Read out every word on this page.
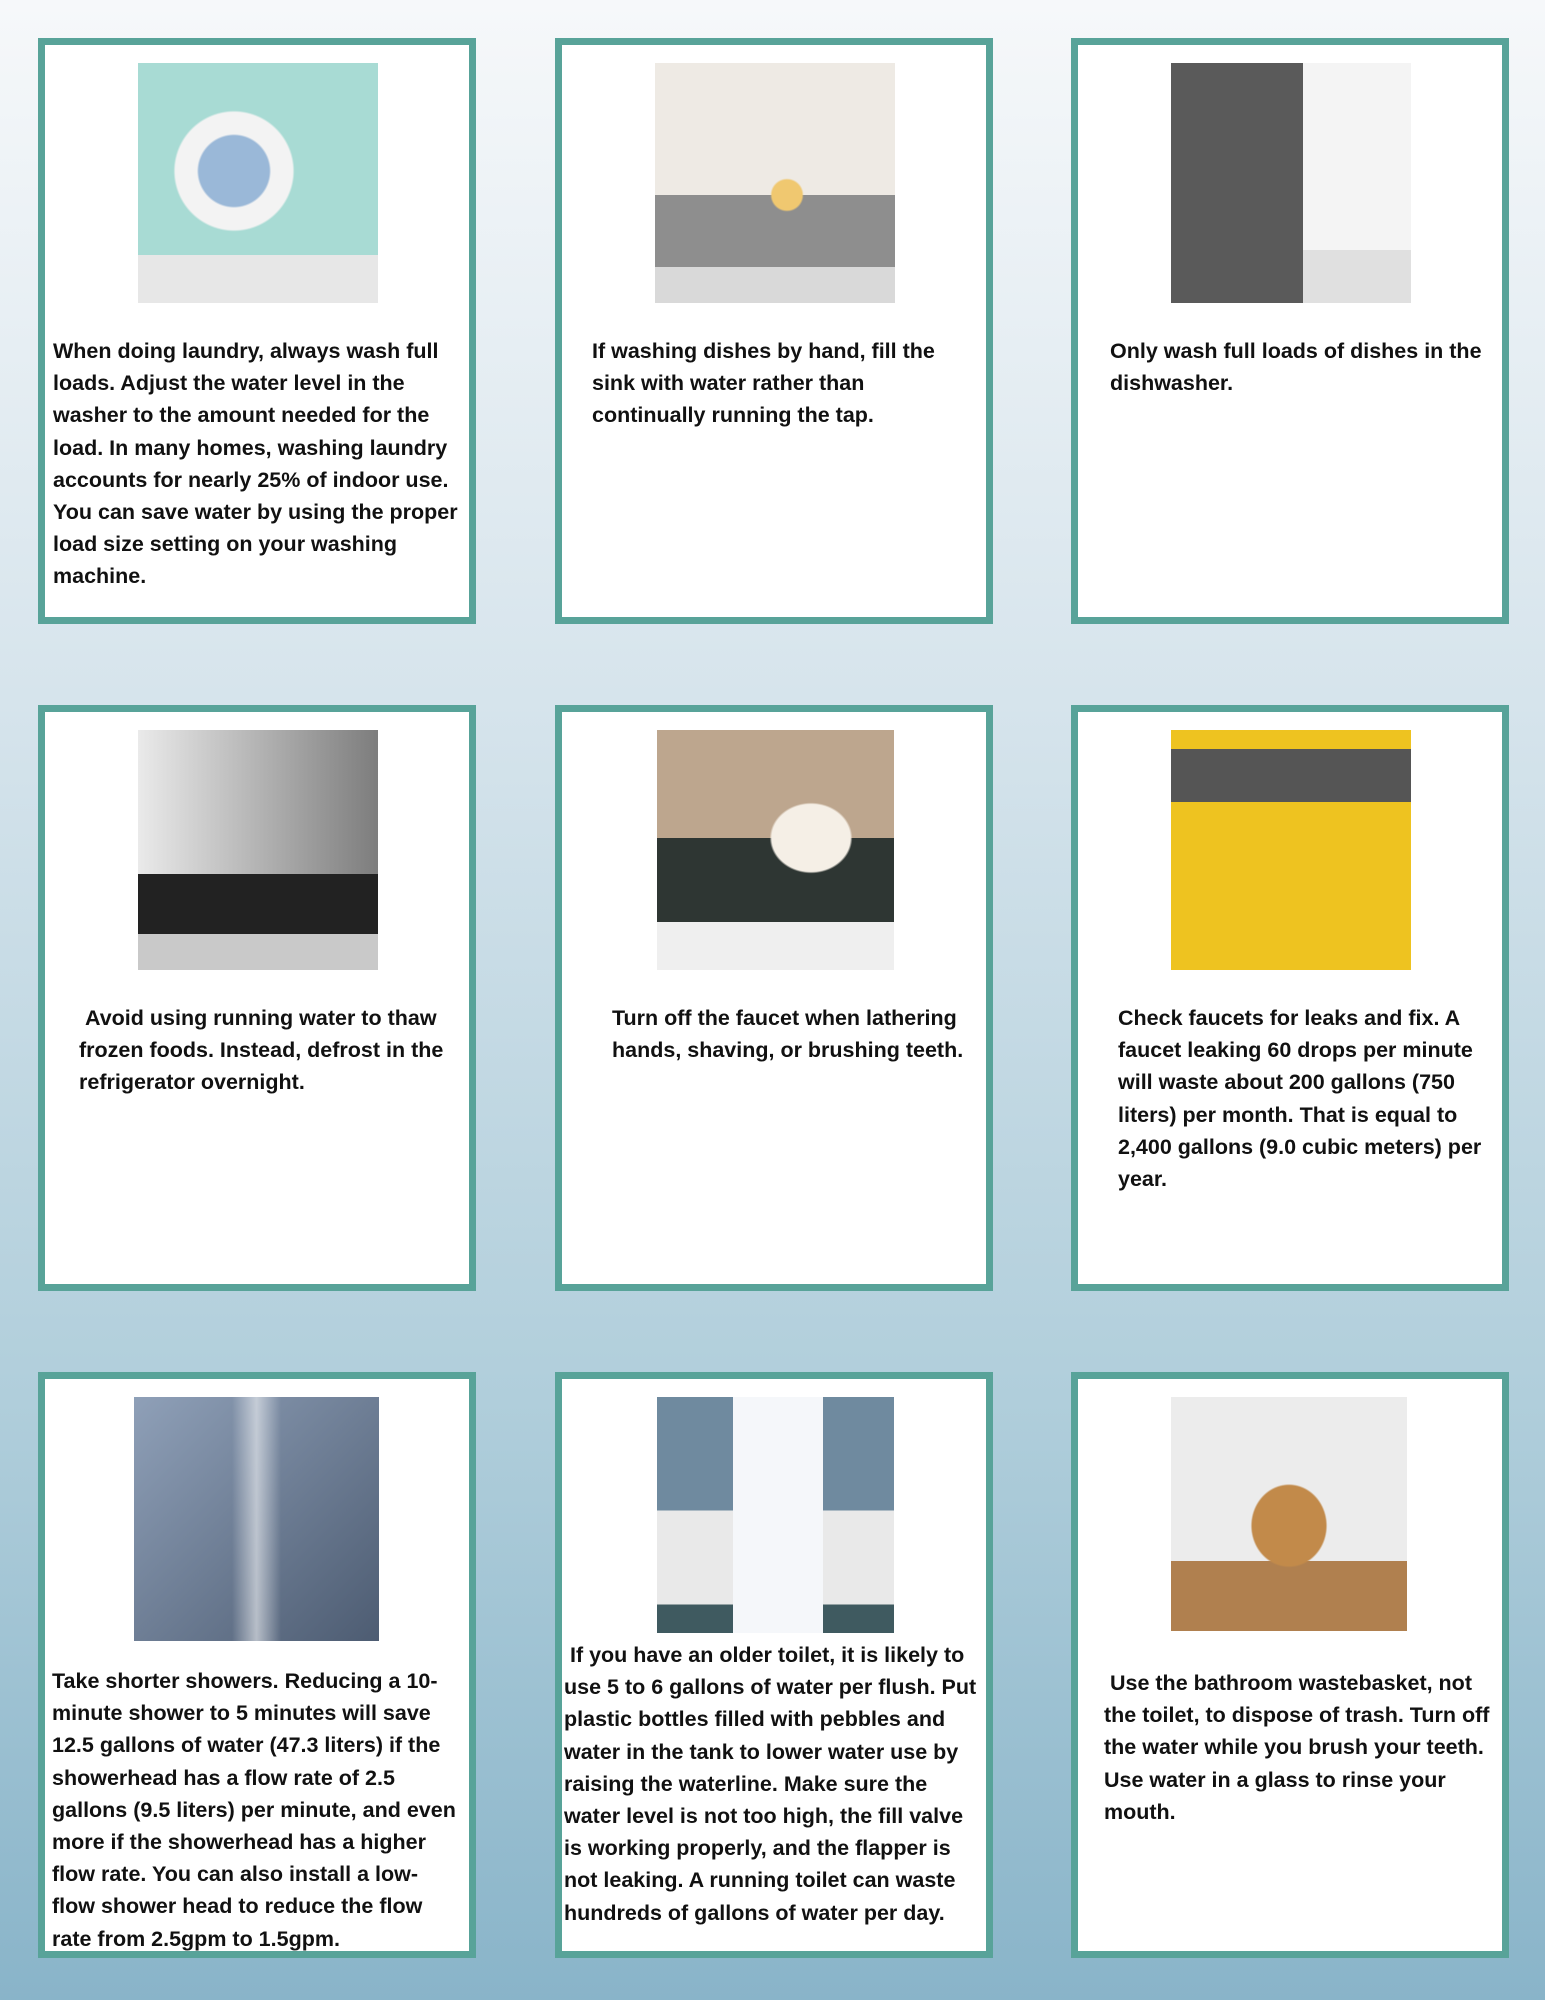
When doing laundry, always wash full loads. Adjust the water level in the washer to the amount needed for the load. In many homes, washing laundry accounts for nearly 25% of indoor use. You can save water by using the proper load size setting on your washing machine.
If washing dishes by hand, fill the sink with water rather than continually running the tap.
Only wash full loads of dishes in the dishwasher.
Avoid using running water to thaw frozen foods. Instead, defrost in the refrigerator overnight.
Turn off the faucet when lathering hands, shaving, or brushing teeth.
Check faucets for leaks and fix. A faucet leaking 60 drops per minute will waste about 200 gallons (750 liters) per month. That is equal to 2,400 gallons (9.0 cubic meters) per year.
Take shorter showers. Reducing a 10-minute shower to 5 minutes will save 12.5 gallons of water (47.3 liters) if the showerhead has a flow rate of 2.5 gallons (9.5 liters) per minute, and even more if the showerhead has a higher flow rate. You can also install a low- flow shower head to reduce the flow rate from 2.5gpm to 1.5gpm.
If you have an older toilet, it is likely to use 5 to 6 gallons of water per flush. Put plastic bottles filled with pebbles and water in the tank to lower water use by raising the waterline. Make sure the water level is not too high, the fill valve is working properly, and the flapper is not leaking. A running toilet can waste hundreds of gallons of water per day.
Use the bathroom wastebasket, not the toilet, to dispose of trash. Turn off the water while you brush your teeth. Use water in a glass to rinse your mouth.
